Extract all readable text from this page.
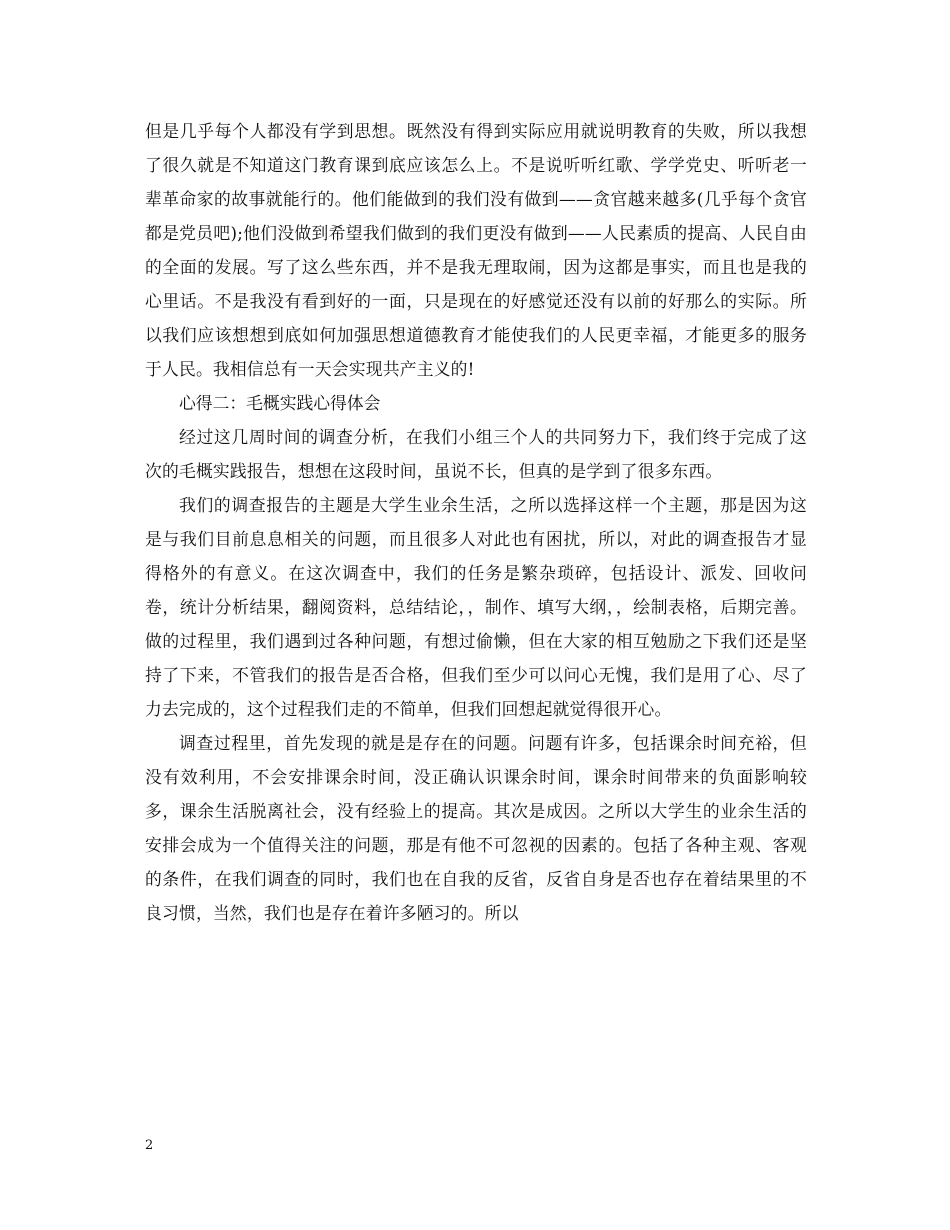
但是几乎每个人都没有学到思想。既然没有得到实际应用就说明教育的失败，所以我想了很久就是不知道这门教育课到底应该怎么上。不是说听听红歌、学学党史、听听老一辈革命家的故事就能行的。他们能做到的我们没有做到——贪官越来越多(几乎每个贪官都是党员吧);他们没做到希望我们做到的我们更没有做到——人民素质的提高、人民自由的全面的发展。写了这么些东西，并不是我无理取闹，因为这都是事实，而且也是我的心里话。不是我没有看到好的一面，只是现在的好感觉还没有以前的好那么的实际。所以我们应该想想到底如何加强思想道德教育才能使我们的人民更幸福，才能更多的服务于人民。我相信总有一天会实现共产主义的!

心得二：毛概实践心得体会

经过这几周时间的调查分析，在我们小组三个人的共同努力下，我们终于完成了这次的毛概实践报告，想想在这段时间，虽说不长，但真的是学到了很多东西。

我们的调查报告的主题是大学生业余生活，之所以选择这样一个主题，那是因为这是与我们目前息息相关的问题，而且很多人对此也有困扰，所以，对此的调查报告才显得格外的有意义。在这次调查中，我们的任务是繁杂琐碎，包括设计、派发、回收问卷，统计分析结果，翻阅资料，总结结论，，制作、填写大纲，，绘制表格，后期完善。做的过程里，我们遇到过各种问题，有想过偷懒，但在大家的相互勉励之下我们还是坚持了下来，不管我们的报告是否合格，但我们至少可以问心无愧，我们是用了心、尽了力去完成的，这个过程我们走的不简单，但我们回想起就觉得很开心。

调查过程里，首先发现的就是是存在的问题。问题有许多，包括课余时间充裕，但没有效利用，不会安排课余时间，没正确认识课余时间，课余时间带来的负面影响较多，课余生活脱离社会，没有经验上的提高。其次是成因。之所以大学生的业余生活的安排会成为一个值得关注的问题，那是有他不可忽视的因素的。包括了各种主观、客观的条件，在我们调查的同时，我们也在自我的反省，反省自身是否也存在着结果里的不良习惯，当然，我们也是存在着许多陋习的。所以

2
